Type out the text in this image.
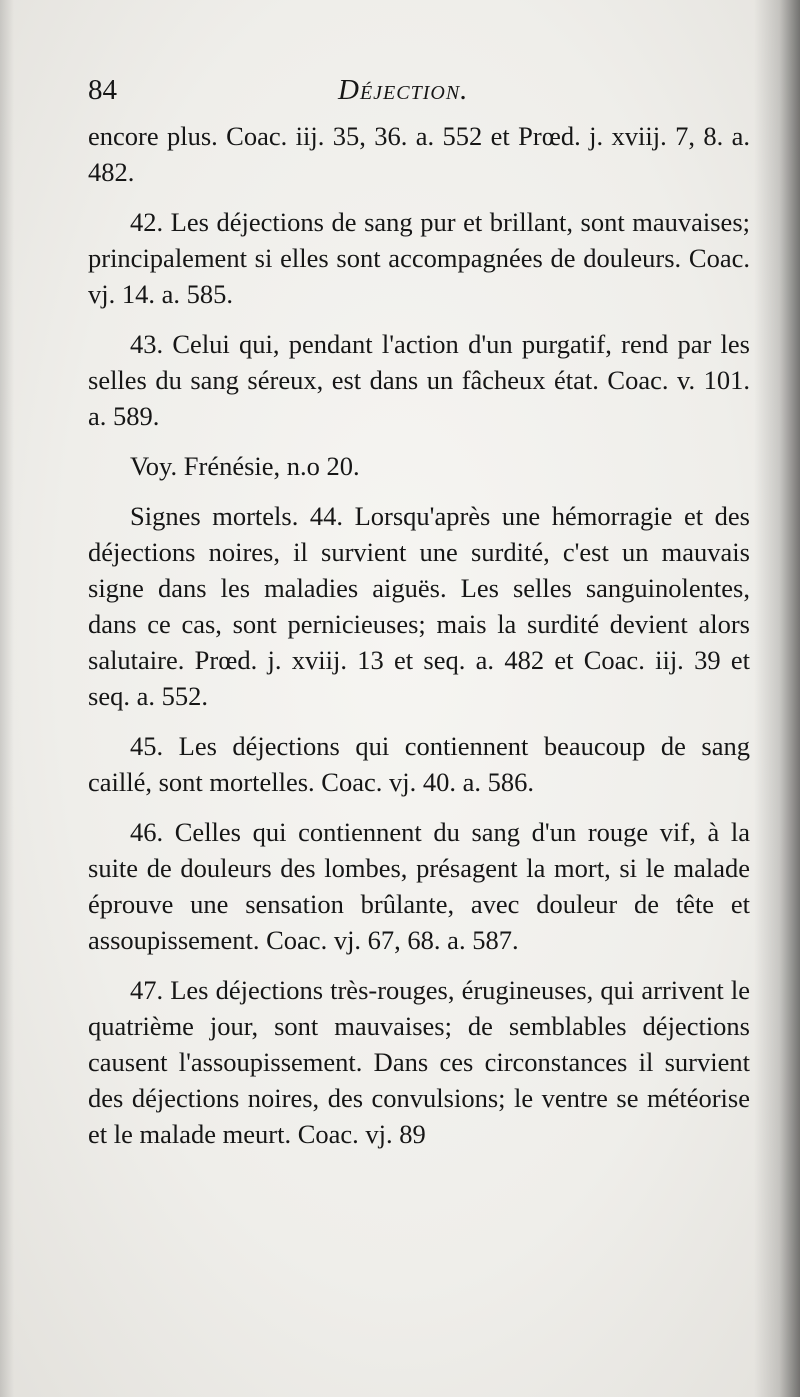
84	Déjection.

encore plus. Coac. iij. 35, 36. a. 552 et Prœd. j. xviij. 7, 8. a. 482.

42. Les déjections de sang pur et brillant, sont mauvaises; principalement si elles sont accompagnées de douleurs. Coac. vj. 14. a. 585.

43. Celui qui, pendant l'action d'un purgatif, rend par les selles du sang séreux, est dans un fâcheux état. Coac. v. 101. a. 589.

Voy. Frénésie, n.o 20.

Signes mortels. 44. Lorsqu'après une hémorragie et des déjections noires, il survient une surdité, c'est un mauvais signe dans les maladies aiguës. Les selles sanguinolentes, dans ce cas, sont pernicieuses; mais la surdité devient alors salutaire. Prœd. j. xviij. 13 et seq. a. 482 et Coac. iij. 39 et seq. a. 552.

45. Les déjections qui contiennent beaucoup de sang caillé, sont mortelles. Coac. vj. 40. a. 586.

46. Celles qui contiennent du sang d'un rouge vif, à la suite de douleurs des lombes, présagent la mort, si le malade éprouve une sensation brûlante, avec douleur de tête et assoupissement. Coac. vj. 67, 68. a. 587.

47. Les déjections très-rouges, érugineuses, qui arrivent le quatrième jour, sont mauvaises; de semblables déjections causent l'assoupissement. Dans ces circonstances il survient des déjections noires, des convulsions; le ventre se météorise et le malade meurt. Coac. vj. 89
